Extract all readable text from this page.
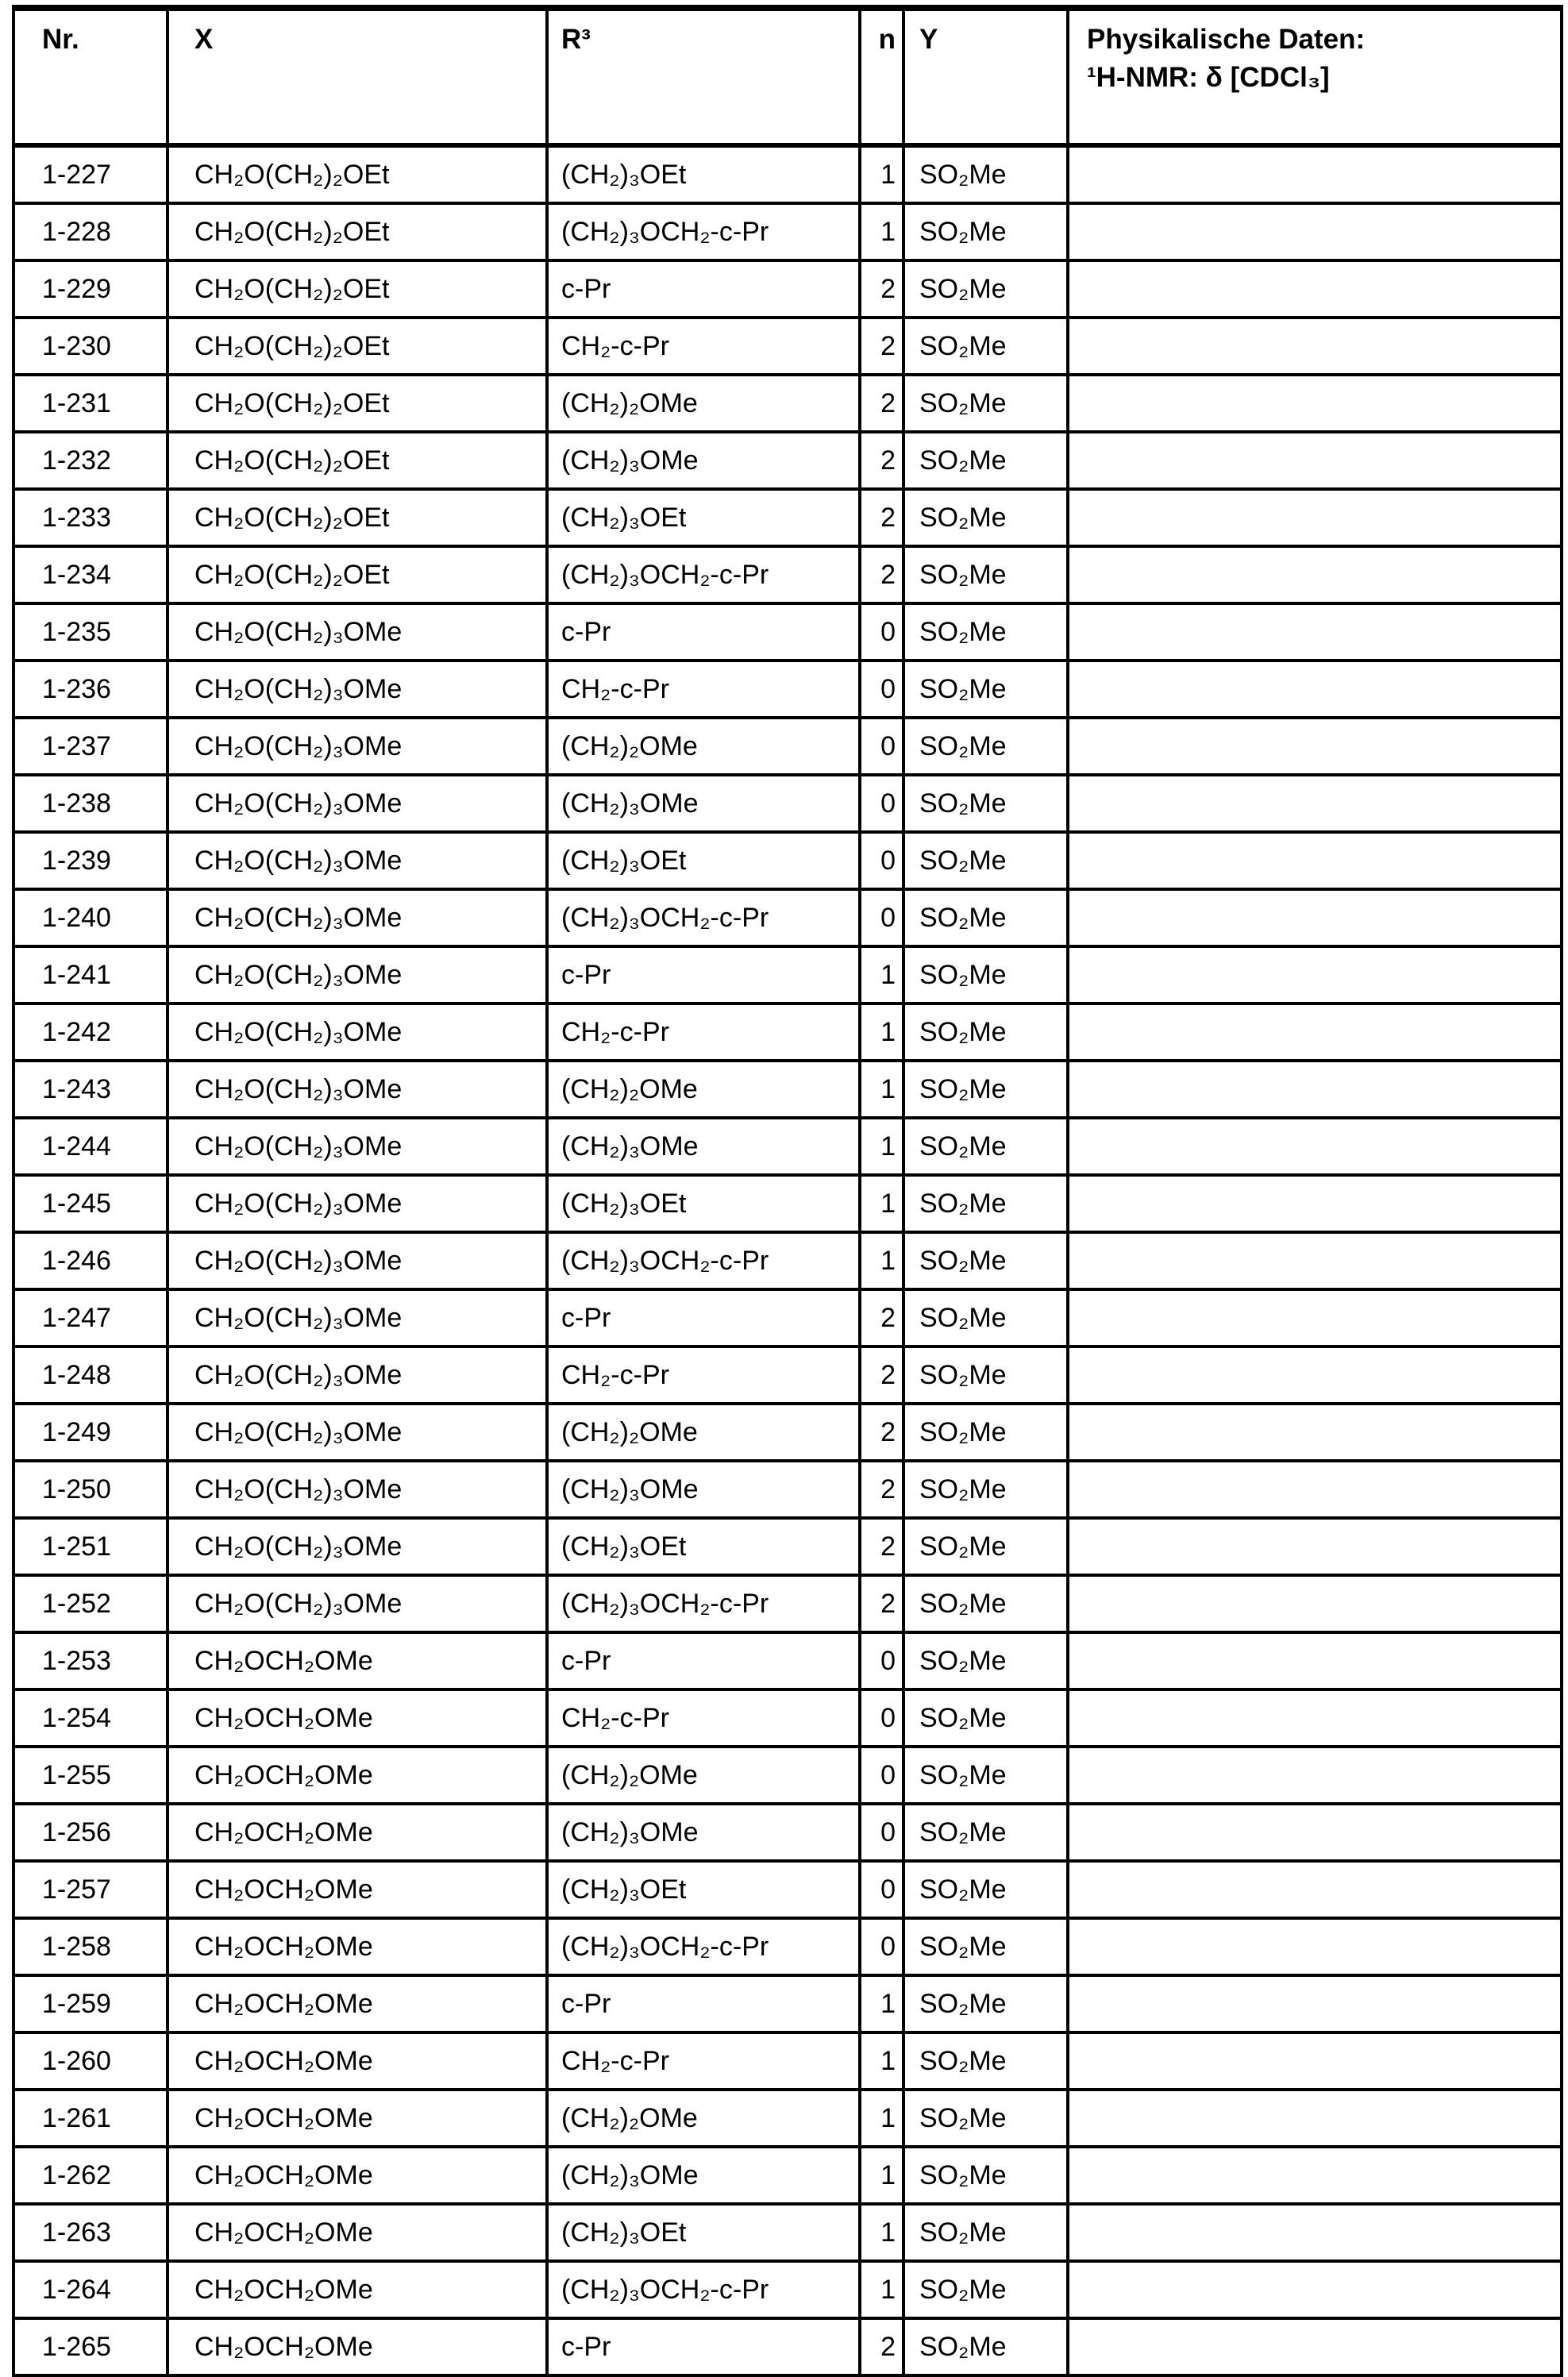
Nr.	X	R³	n	Y	Physikalische Daten:
¹H-NMR: δ [CDCl₃]

1-227	CH₂O(CH₂)₂OEt	(CH₂)₃OEt	1	SO₂Me	
1-228	CH₂O(CH₂)₂OEt	(CH₂)₃OCH₂-c-Pr	1	SO₂Me	
1-229	CH₂O(CH₂)₂OEt	c-Pr	2	SO₂Me	
1-230	CH₂O(CH₂)₂OEt	CH₂-c-Pr	2	SO₂Me	
1-231	CH₂O(CH₂)₂OEt	(CH₂)₂OMe	2	SO₂Me	
1-232	CH₂O(CH₂)₂OEt	(CH₂)₃OMe	2	SO₂Me	
1-233	CH₂O(CH₂)₂OEt	(CH₂)₃OEt	2	SO₂Me	
1-234	CH₂O(CH₂)₂OEt	(CH₂)₃OCH₂-c-Pr	2	SO₂Me	
1-235	CH₂O(CH₂)₃OMe	c-Pr	0	SO₂Me	
1-236	CH₂O(CH₂)₃OMe	CH₂-c-Pr	0	SO₂Me	
1-237	CH₂O(CH₂)₃OMe	(CH₂)₂OMe	0	SO₂Me	
1-238	CH₂O(CH₂)₃OMe	(CH₂)₃OMe	0	SO₂Me	
1-239	CH₂O(CH₂)₃OMe	(CH₂)₃OEt	0	SO₂Me	
1-240	CH₂O(CH₂)₃OMe	(CH₂)₃OCH₂-c-Pr	0	SO₂Me	
1-241	CH₂O(CH₂)₃OMe	c-Pr	1	SO₂Me	
1-242	CH₂O(CH₂)₃OMe	CH₂-c-Pr	1	SO₂Me	
1-243	CH₂O(CH₂)₃OMe	(CH₂)₂OMe	1	SO₂Me	
1-244	CH₂O(CH₂)₃OMe	(CH₂)₃OMe	1	SO₂Me	
1-245	CH₂O(CH₂)₃OMe	(CH₂)₃OEt	1	SO₂Me	
1-246	CH₂O(CH₂)₃OMe	(CH₂)₃OCH₂-c-Pr	1	SO₂Me	
1-247	CH₂O(CH₂)₃OMe	c-Pr	2	SO₂Me	
1-248	CH₂O(CH₂)₃OMe	CH₂-c-Pr	2	SO₂Me	
1-249	CH₂O(CH₂)₃OMe	(CH₂)₂OMe	2	SO₂Me	
1-250	CH₂O(CH₂)₃OMe	(CH₂)₃OMe	2	SO₂Me	
1-251	CH₂O(CH₂)₃OMe	(CH₂)₃OEt	2	SO₂Me	
1-252	CH₂O(CH₂)₃OMe	(CH₂)₃OCH₂-c-Pr	2	SO₂Me	
1-253	CH₂OCH₂OMe	c-Pr	0	SO₂Me	
1-254	CH₂OCH₂OMe	CH₂-c-Pr	0	SO₂Me	
1-255	CH₂OCH₂OMe	(CH₂)₂OMe	0	SO₂Me	
1-256	CH₂OCH₂OMe	(CH₂)₃OMe	0	SO₂Me	
1-257	CH₂OCH₂OMe	(CH₂)₃OEt	0	SO₂Me	
1-258	CH₂OCH₂OMe	(CH₂)₃OCH₂-c-Pr	0	SO₂Me	
1-259	CH₂OCH₂OMe	c-Pr	1	SO₂Me	
1-260	CH₂OCH₂OMe	CH₂-c-Pr	1	SO₂Me	
1-261	CH₂OCH₂OMe	(CH₂)₂OMe	1	SO₂Me	
1-262	CH₂OCH₂OMe	(CH₂)₃OMe	1	SO₂Me	
1-263	CH₂OCH₂OMe	(CH₂)₃OEt	1	SO₂Me	
1-264	CH₂OCH₂OMe	(CH₂)₃OCH₂-c-Pr	1	SO₂Me	
1-265	CH₂OCH₂OMe	c-Pr	2	SO₂Me	
